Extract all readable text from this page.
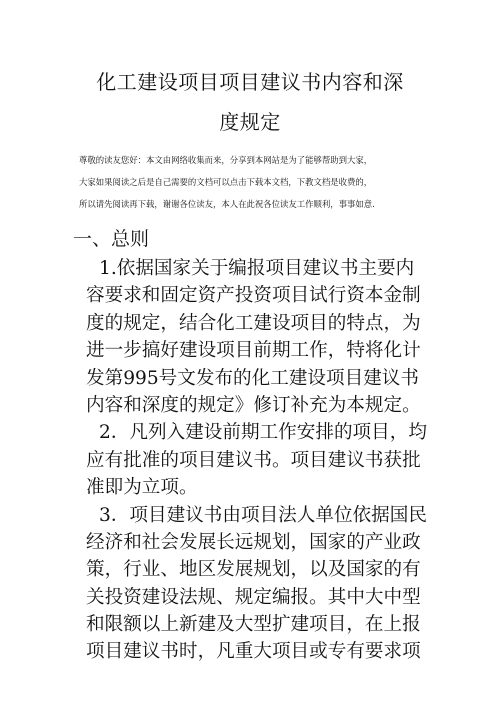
化工建设项目项目建议书内容和深
度规定
尊敬的读友您好：本文由网络收集而来，分享到本网站是为了能够帮助到大家，
大家如果阅读之后是自己需要的文档可以点击下载本文档，下教文档是收费的，
所以请先阅读再下载，谢谢各位读友，本人在此祝各位读友工作顺利，事事如意.
一、总则
1.依据国家关于编报项目建议书主要内
容要求和固定资产投资项目试行资本金制
度的规定，结合化工建设项目的特点，为
进一步搞好建设项目前期工作，特将化计
发第995号文发布的化工建设项目建议书
内容和深度的规定》修订补充为本规定。
2．凡列入建设前期工作安排的项目，均
应有批准的项目建议书。项目建议书获批
准即为立项。
3．项目建议书由项目法人单位依据国民
经济和社会发展长远规划，国家的产业政
策，行业、地区发展规划，以及国家的有
关投资建设法规、规定编报。其中大中型
和限额以上新建及大型扩建项目，在上报
项目建议书时，凡重大项目或专有要求项
